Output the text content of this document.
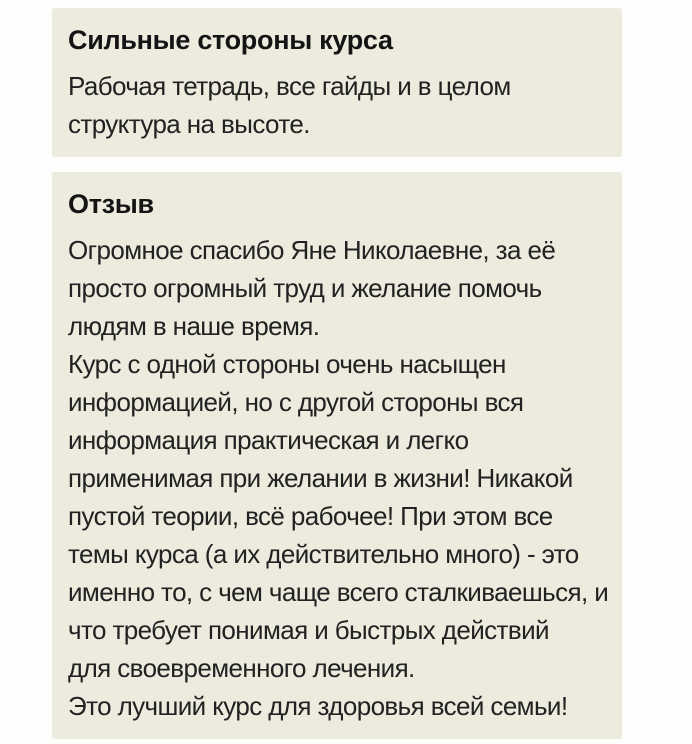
Сильные стороны курса
Рабочая тетрадь, все гайды и в целом
структура на высоте.
Отзыв
Огромное спасибо Яне Николаевне, за её
просто огромный труд и желание помочь
людям в наше время.
Курс с одной стороны очень насыщен
информацией, но с другой стороны вся
информация практическая и легко
применимая при желании в жизни! Никакой
пустой теории, всё рабочее! При этом все
темы курса (а их действительно много) - это
именно то, с чем чаще всего сталкиваешься, и
что требует понимая и быстрых действий
для своевременного лечения.
Это лучший курс для здоровья всей семьи!
